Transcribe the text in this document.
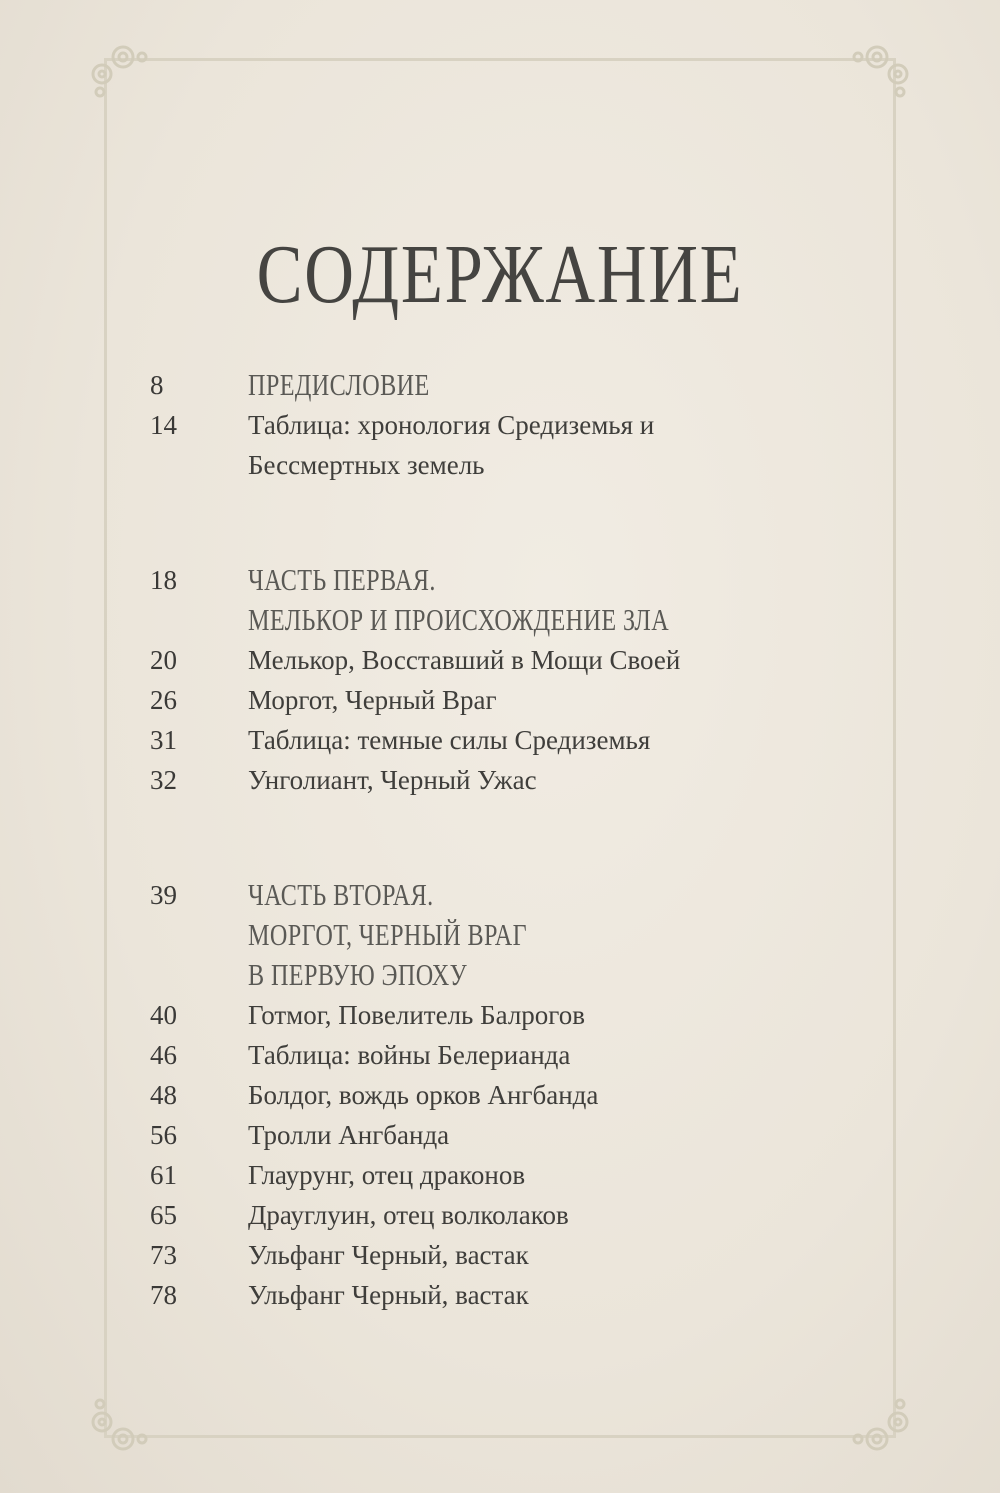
СОДЕРЖАНИЕ
8	ПРЕДИСЛОВИЕ
14	Таблица: хронология Средиземья и
Бессмертных земель
18	ЧАСТЬ ПЕРВАЯ.
МЕЛЬКОР И ПРОИСХОЖДЕНИЕ ЗЛА
20	Мелькор, Восставший в Мощи Своей
26	Моргот, Черный Враг
31	Таблица: темные силы Средиземья
32	Унголиант, Черный Ужас
39	ЧАСТЬ ВТОРАЯ.
МОРГОТ, ЧЕРНЫЙ ВРАГ
В ПЕРВУЮ ЭПОХУ
40	Готмог, Повелитель Балрогов
46	Таблица: войны Белерианда
48	Болдог, вождь орков Ангбанда
56	Тролли Ангбанда
61	Глаурунг, отец драконов
65	Драуглуин, отец волколаков
73	Ульфанг Черный, вастак
78	Ульфанг Черный, вастак
